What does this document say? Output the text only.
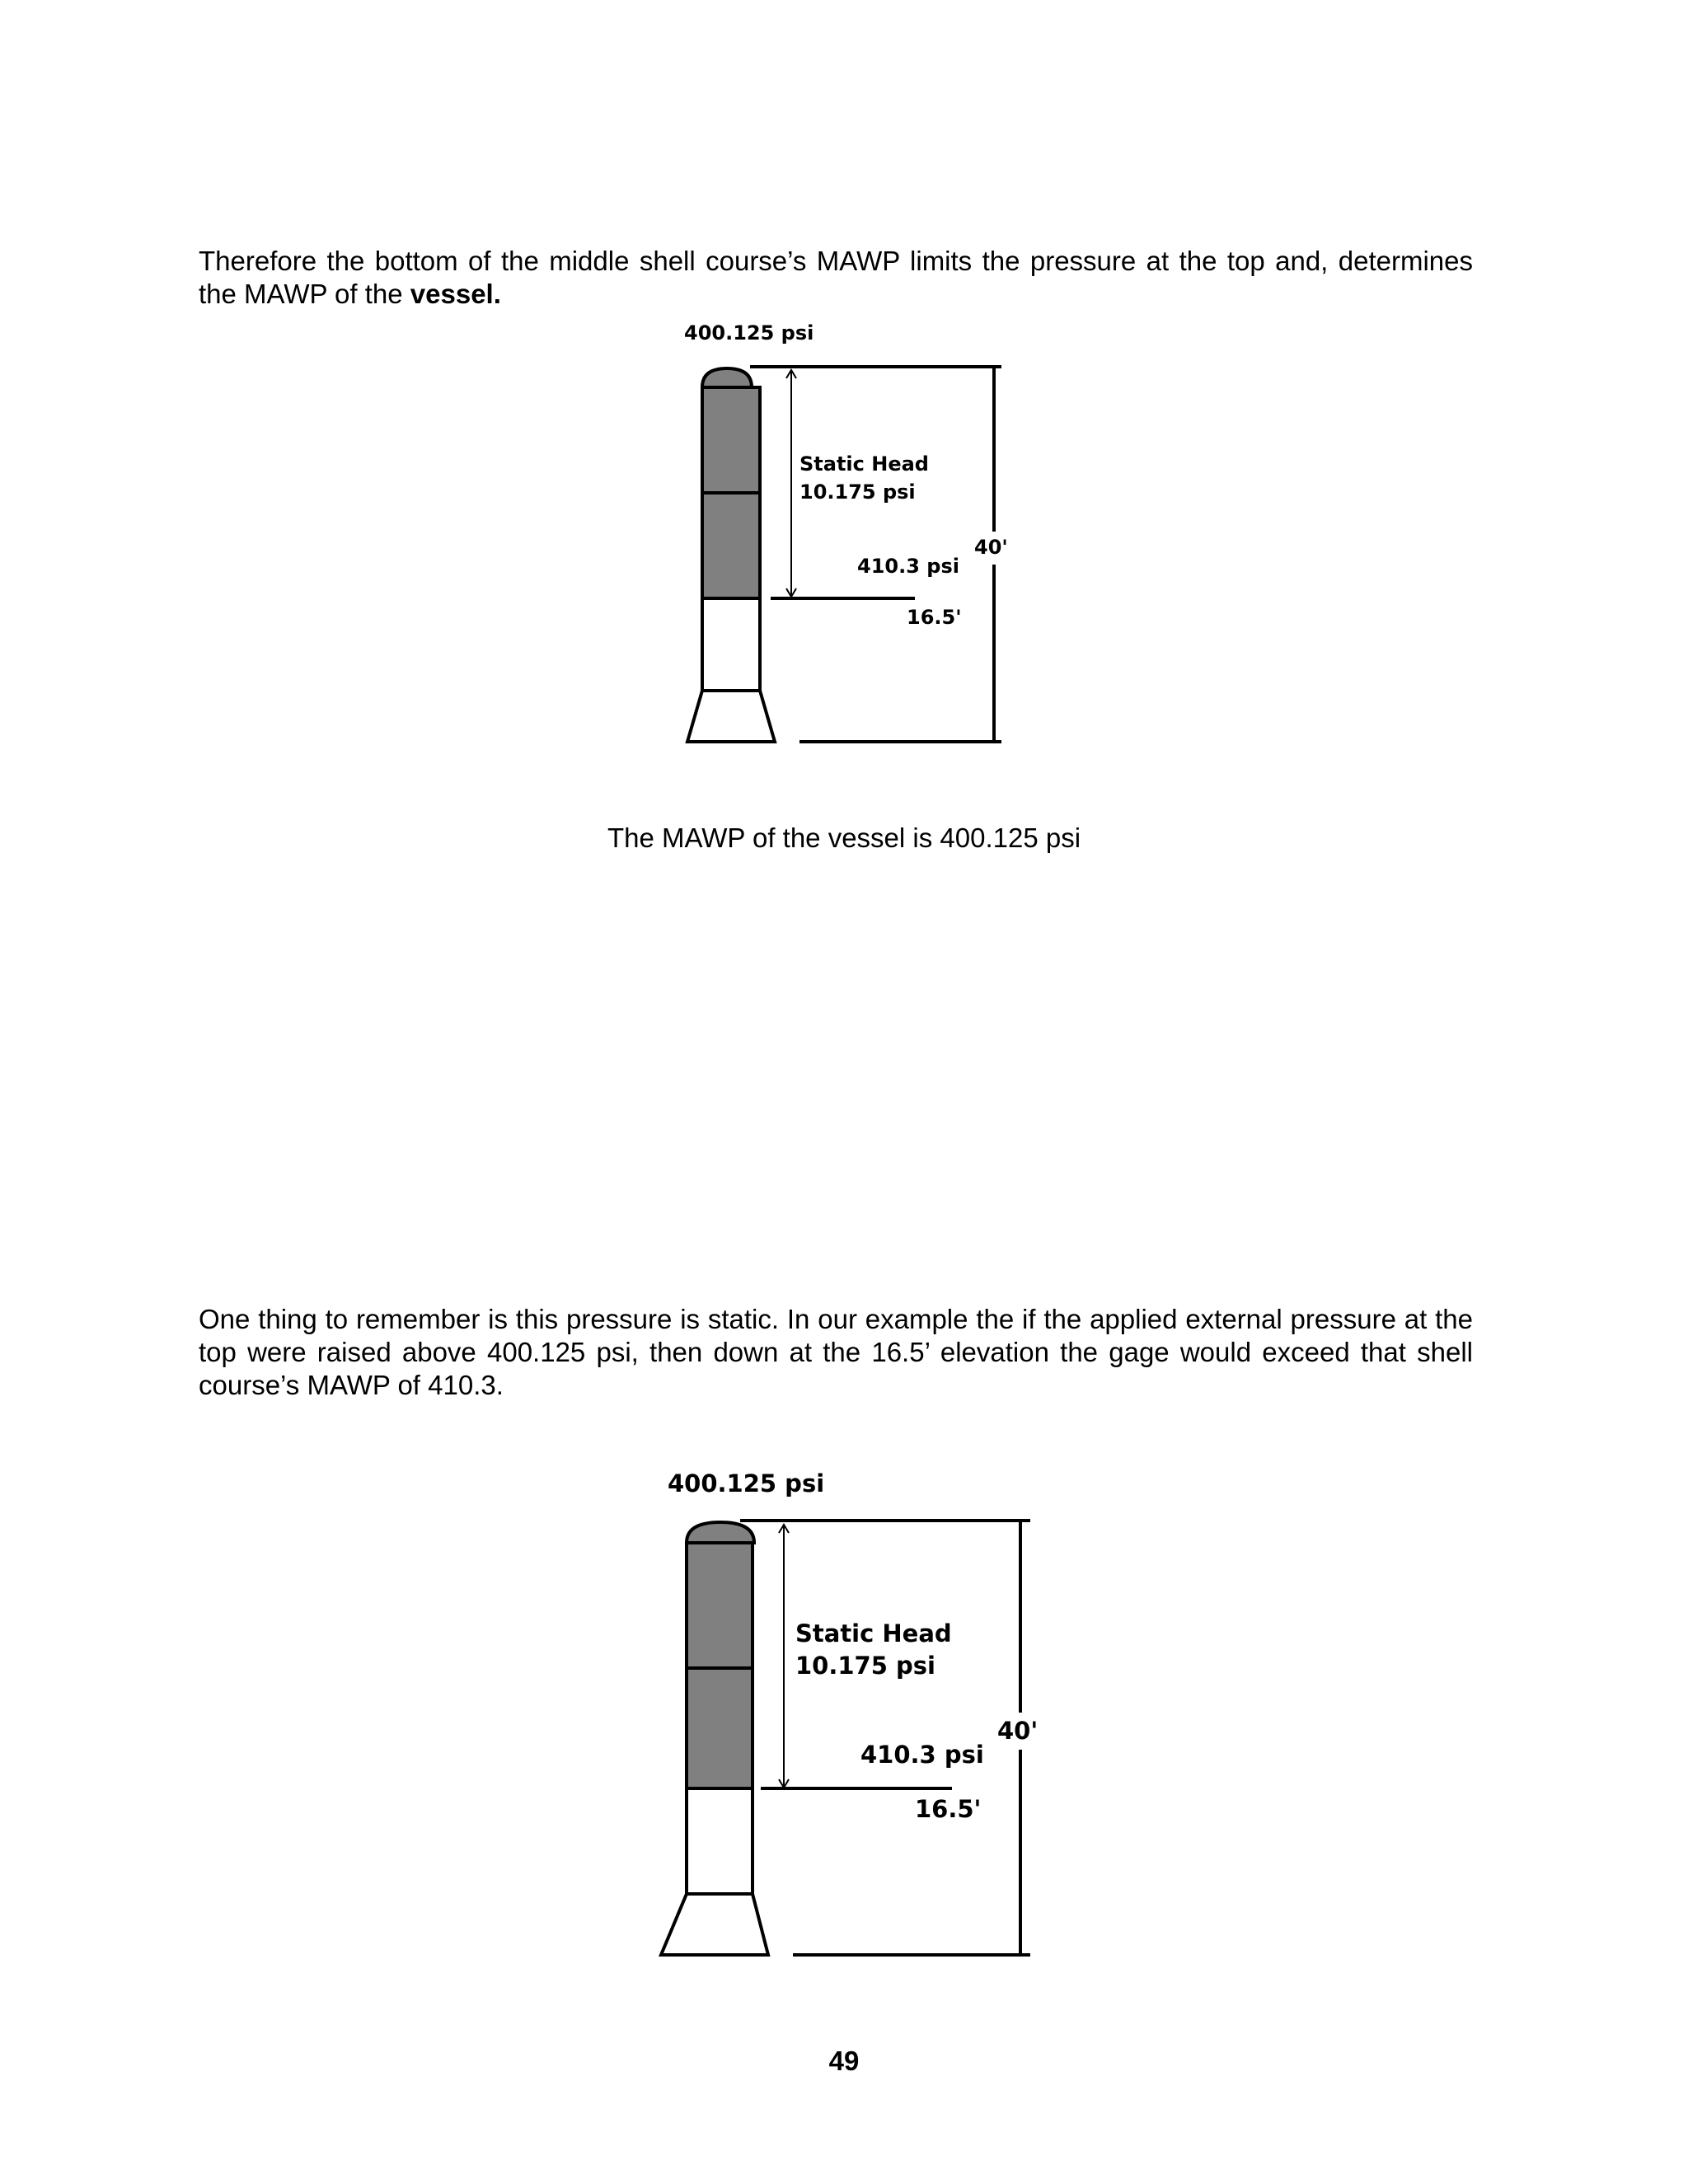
Therefore the bottom of the middle shell course’s MAWP limits the pressure at the top and, determines the MAWP of the vessel.

400.125 psi
Static Head
10.175 psi
410.3 psi
16.5'
40'
The MAWP of the vessel is 400.125 psi

One thing to remember is this pressure is static. In our example the if the applied external pressure at the top were raised above 400.125 psi, then down at the 16.5’ elevation the gage would exceed that shell course’s MAWP of 410.3.

400.125 psi
Static Head
10.175 psi
410.3 psi
16.5'
40'
49
